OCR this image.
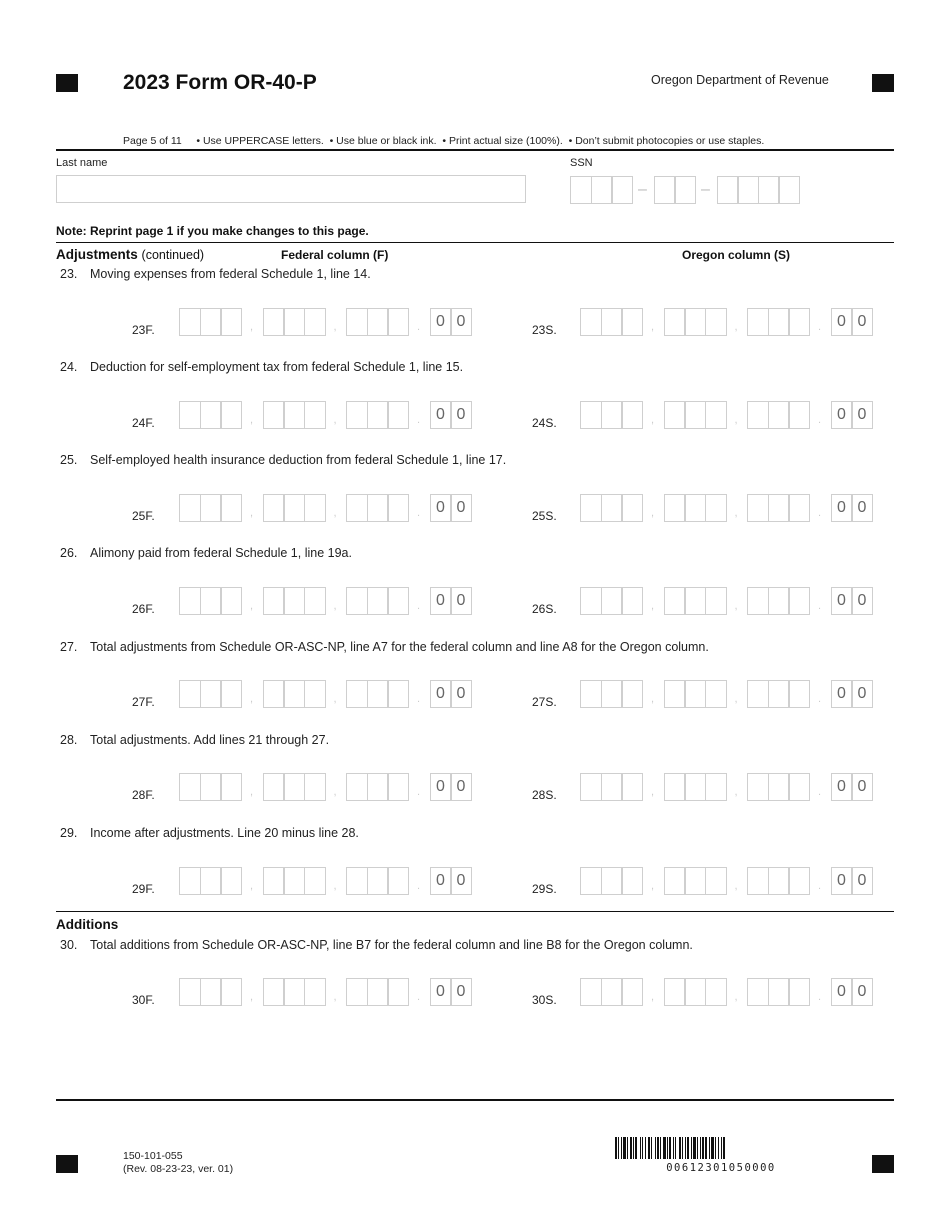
2023 Form OR-40-P	Oregon Department of Revenue
Page 5 of 11     • Use UPPERCASE letters.  • Use blue or black ink.  • Print actual size (100%).  • Don’t submit photocopies or use staples.
Last name	SSN
–	–
Note: Reprint page 1 if you make changes to this page.
Adjustments (continued)	Federal column (F)	Oregon column (S)
23. Moving expenses from federal Schedule 1, line 14.
23F.	,	,	.	0 0	23S.	,	,	.	0 0
24. Deduction for self-employment tax from federal Schedule 1, line 15.
24F.	,	,	.	0 0	24S.	,	,	.	0 0
25. Self-employed health insurance deduction from federal Schedule 1, line 17.
25F.	,	,	.	0 0	25S.	,	,	.	0 0
26. Alimony paid from federal Schedule 1, line 19a.
26F.	,	,	.	0 0	26S.	,	,	.	0 0
27. Total adjustments from Schedule OR-ASC-NP, line A7 for the federal column and line A8 for the Oregon column.
27F.	,	,	.	0 0	27S.	,	,	.	0 0
28. Total adjustments. Add lines 21 through 27.
28F.	,	,	.	0 0	28S.	,	,	.	0 0
29. Income after adjustments. Line 20 minus line 28.
29F.	,	,	.	0 0	29S.	,	,	.	0 0
30. Total additions from Schedule OR-ASC-NP, line B7 for the federal column and line B8 for the Oregon column.
30F.	,	,	.	0 0	30S.	,	,	.	0 0
Additions
150-101-055
(Rev. 08-23-23, ver. 01)	00612301050000
